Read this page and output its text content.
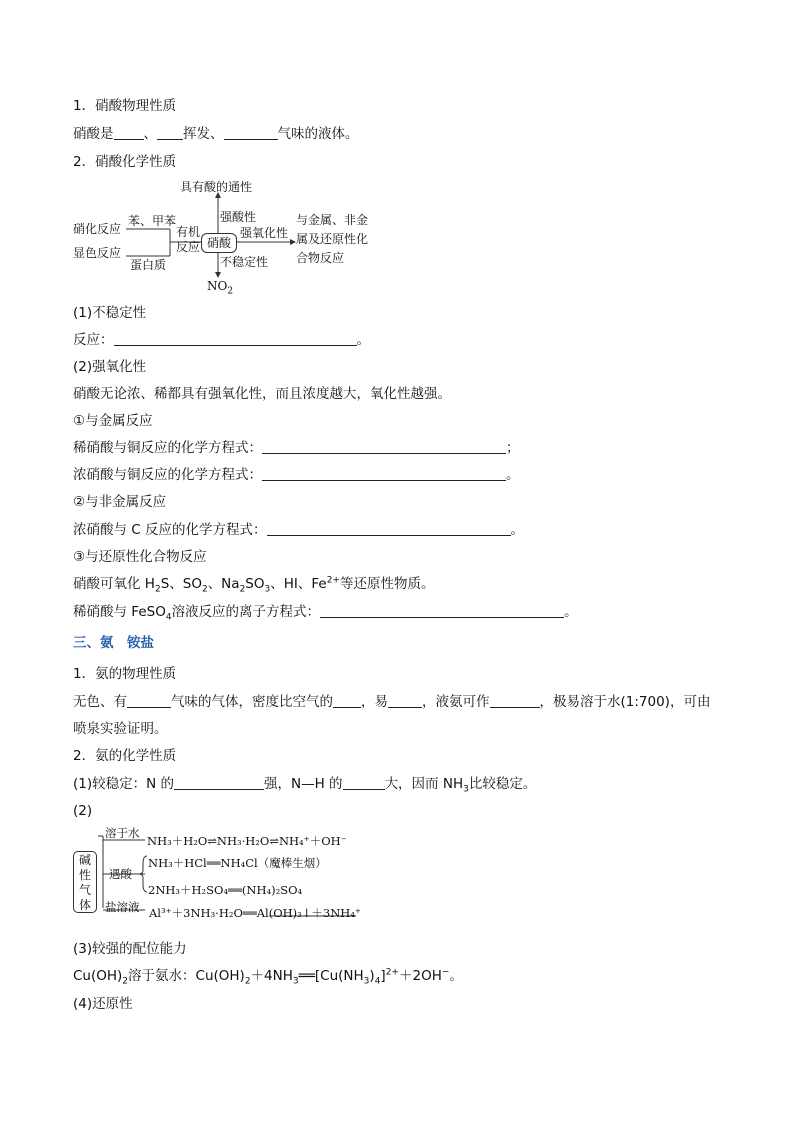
1．硝酸物理性质
硝酸是 、 挥发、	气味的液体。
2．硝酸化学性质
具有酸的通性
强酸性
硝酸
不稳定性
$NO_2$
强氧化性
与金属、非金
属及还原性化
合物反应
有机
反应
苯、甲苯
硝化反应
显色反应
蛋白质
(1)不稳定性
反应：	。
(2)强氧化性
硝酸无论浓、稀都具有强氧化性，而且浓度越大，氧化性越强。
①与金属反应
稀硝酸与铜反应的化学方程式：	；
浓硝酸与铜反应的化学方程式：	。
②与非金属反应
浓硝酸与 C 反应的化学方程式：	。
③与还原性化合物反应
硝酸可氧化 $H_2S$、$SO_2$、$Na_2SO_3$、HI、$Fe^{2+}$等还原性物质。
稀硝酸与 FeSO$_4$溶液反应的离子方程式：	。
三、氨　铵盐
1．氨的物理性质
无色、有	气味的气体，密度比空气的 ，易	，液氨可作	，极易溶于水(1:700)，可由
喷泉实验证明。
2．氨的化学性质
(1)较稳定：N 的	强，N—H 的	大，因而 $NH_3$比较稳定。
(2)
碱
性
气
体
溶于水
NH₃＋H₂O⇌NH₃·H₂O⇌NH₄⁺＋OH⁻
遇酸
NH₃＋HCl══NH₄Cl（魔棒生烟）
2NH₃＋H₂SO₄══(NH₄)₂SO₄
盐溶液 Al³⁺＋3NH₃·H₂O══Al(OH)₃↓＋3NH₄⁺
(3)较强的配位能力
$Cu(OH)_2$溶于氨水：$Cu(OH)_2+4NH_3══[Cu(NH_3)_4]^{2+}+2OH^-$。
(4)还原性
